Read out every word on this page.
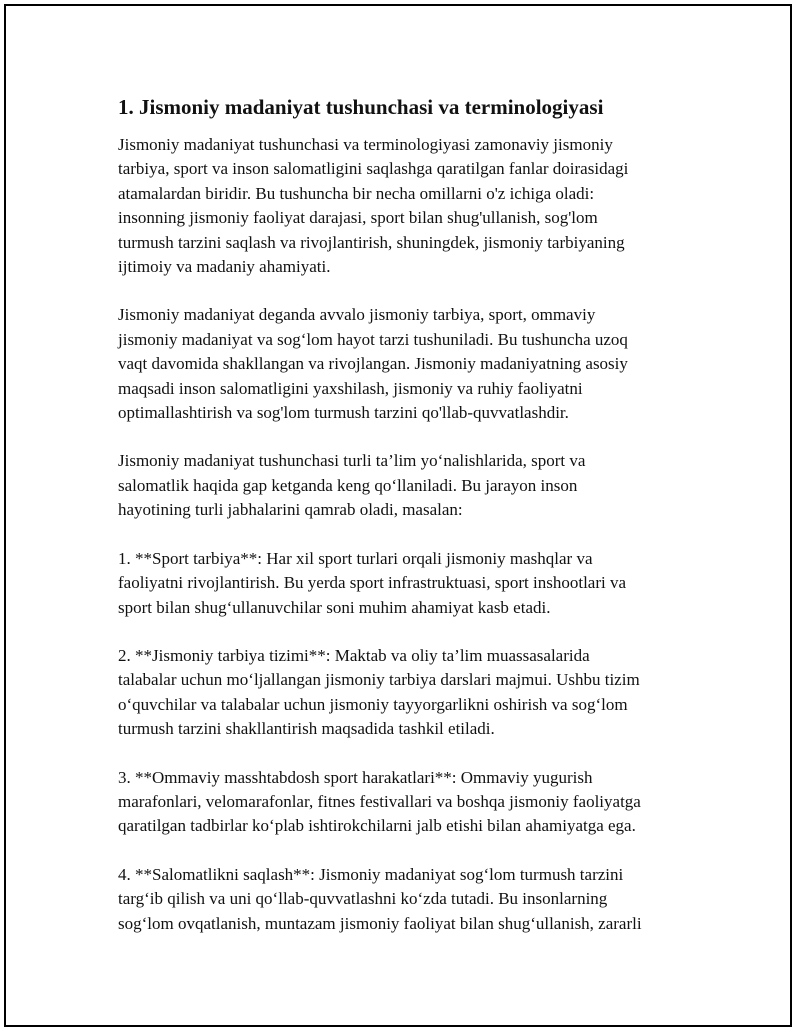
1. Jismoniy madaniyat tushunchasi va terminologiyasi

Jismoniy madaniyat tushunchasi va terminologiyasi zamonaviy jismoniy
tarbiya, sport va inson salomatligini saqlashga qaratilgan fanlar doirasidagi
atamalardan biridir. Bu tushuncha bir necha omillarni o'z ichiga oladi:
insonning jismoniy faoliyat darajasi, sport bilan shug'ullanish, sog'lom
turmush tarzini saqlash va rivojlantirish, shuningdek, jismoniy tarbiyaning
ijtimoiy va madaniy ahamiyati.

Jismoniy madaniyat deganda avvalo jismoniy tarbiya, sport, ommaviy
jismoniy madaniyat va sog‘lom hayot tarzi tushuniladi. Bu tushuncha uzoq
vaqt davomida shakllangan va rivojlangan. Jismoniy madaniyatning asosiy
maqsadi inson salomatligini yaxshilash, jismoniy va ruhiy faoliyatni
optimallashtirish va sog'lom turmush tarzini qo'llab-quvvatlashdir.

Jismoniy madaniyat tushunchasi turli ta’lim yo‘nalishlarida, sport va
salomatlik haqida gap ketganda keng qo‘llaniladi. Bu jarayon inson
hayotining turli jabhalarini qamrab oladi, masalan:

1. **Sport tarbiya**: Har xil sport turlari orqali jismoniy mashqlar va
faoliyatni rivojlantirish. Bu yerda sport infrastruktuasi, sport inshootlari va
sport bilan shug‘ullanuvchilar soni muhim ahamiyat kasb etadi.

2. **Jismoniy tarbiya tizimi**: Maktab va oliy ta’lim muassasalarida
talabalar uchun mo‘ljallangan jismoniy tarbiya darslari majmui. Ushbu tizim
o‘quvchilar va talabalar uchun jismoniy tayyorgarlikni oshirish va sog‘lom
turmush tarzini shakllantirish maqsadida tashkil etiladi.

3. **Ommaviy masshtabdosh sport harakatlari**: Ommaviy yugurish
marafonlari, velomarafonlar, fitnes festivallari va boshqa jismoniy faoliyatga
qaratilgan tadbirlar ko‘plab ishtirokchilarni jalb etishi bilan ahamiyatga ega.

4. **Salomatlikni saqlash**: Jismoniy madaniyat sog‘lom turmush tarzini
targ‘ib qilish va uni qo‘llab-quvvatlashni ko‘zda tutadi. Bu insonlarning
sog‘lom ovqatlanish, muntazam jismoniy faoliyat bilan shug‘ullanish, zararli
